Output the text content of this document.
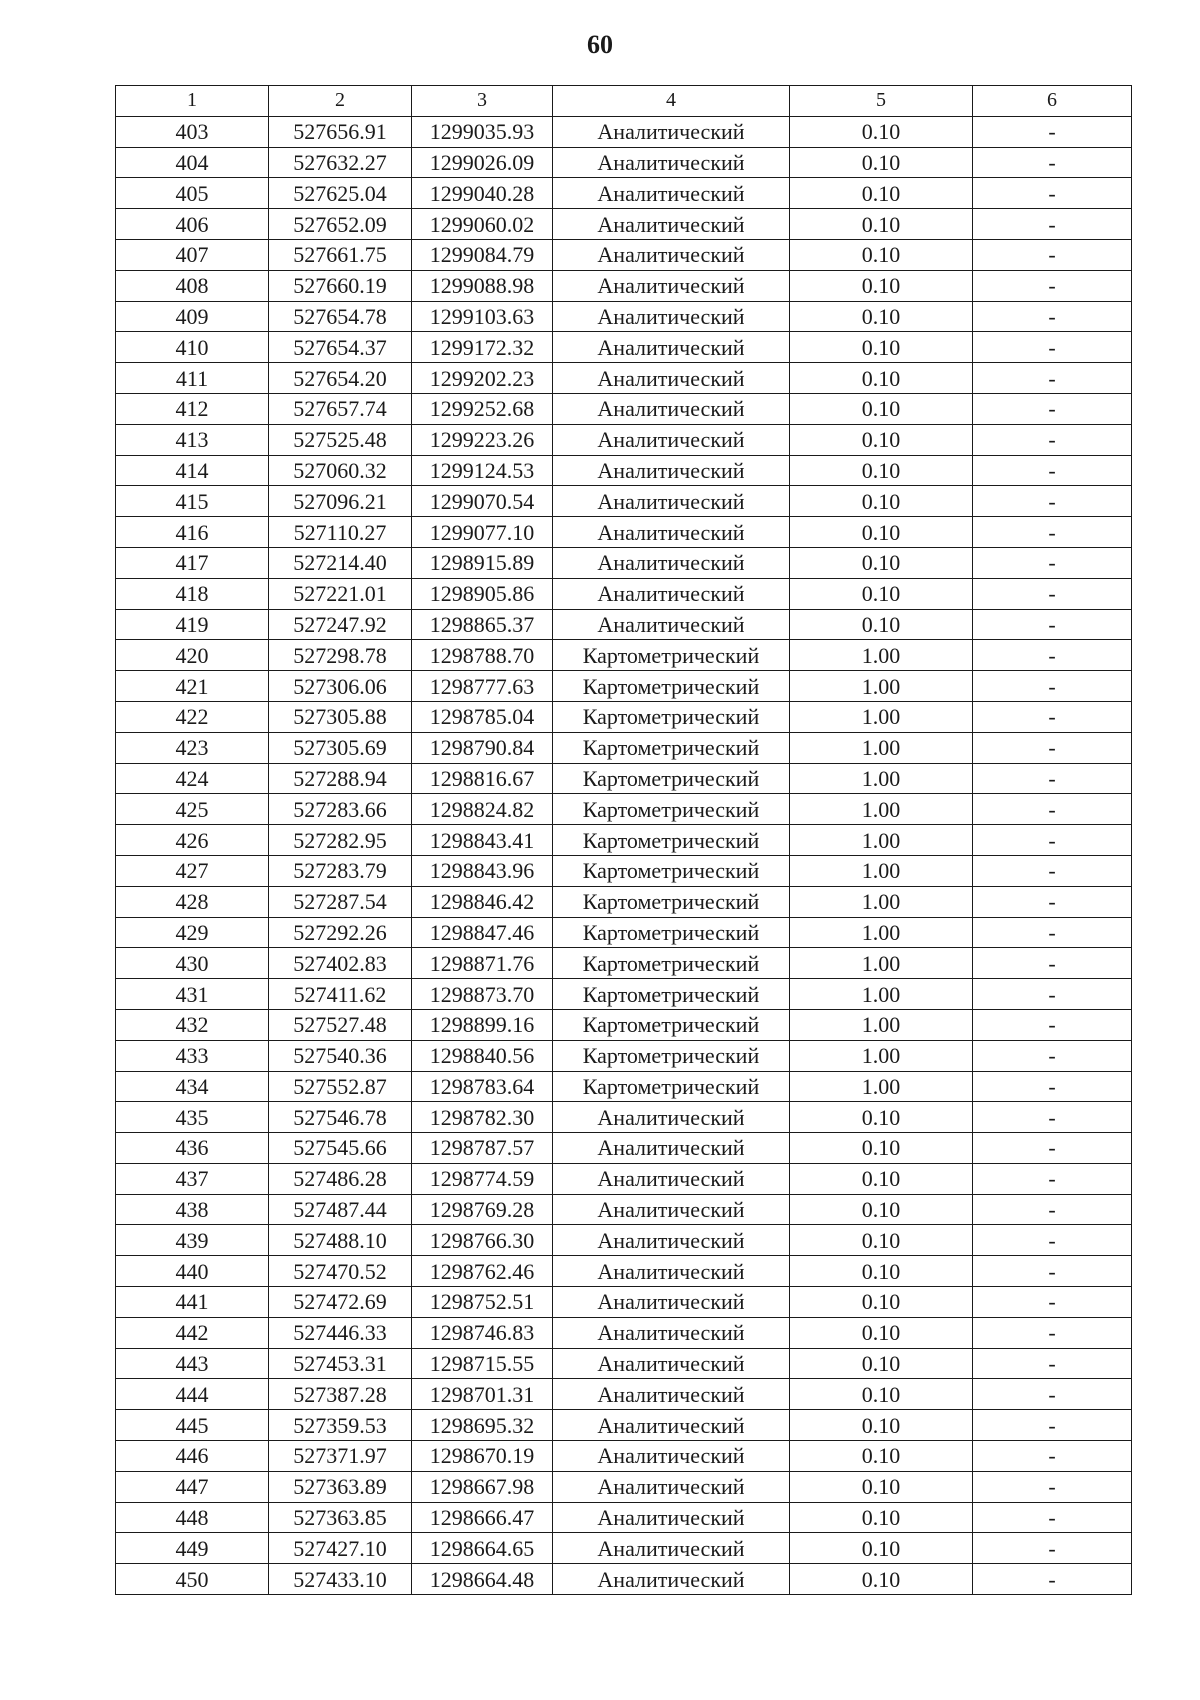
60
1	2	3	4	5	6
403	527656.91	1299035.93	Аналитический	0.10	-
404	527632.27	1299026.09	Аналитический	0.10	-
405	527625.04	1299040.28	Аналитический	0.10	-
406	527652.09	1299060.02	Аналитический	0.10	-
407	527661.75	1299084.79	Аналитический	0.10	-
408	527660.19	1299088.98	Аналитический	0.10	-
409	527654.78	1299103.63	Аналитический	0.10	-
410	527654.37	1299172.32	Аналитический	0.10	-
411	527654.20	1299202.23	Аналитический	0.10	-
412	527657.74	1299252.68	Аналитический	0.10	-
413	527525.48	1299223.26	Аналитический	0.10	-
414	527060.32	1299124.53	Аналитический	0.10	-
415	527096.21	1299070.54	Аналитический	0.10	-
416	527110.27	1299077.10	Аналитический	0.10	-
417	527214.40	1298915.89	Аналитический	0.10	-
418	527221.01	1298905.86	Аналитический	0.10	-
419	527247.92	1298865.37	Аналитический	0.10	-
420	527298.78	1298788.70	Картометрический	1.00	-
421	527306.06	1298777.63	Картометрический	1.00	-
422	527305.88	1298785.04	Картометрический	1.00	-
423	527305.69	1298790.84	Картометрический	1.00	-
424	527288.94	1298816.67	Картометрический	1.00	-
425	527283.66	1298824.82	Картометрический	1.00	-
426	527282.95	1298843.41	Картометрический	1.00	-
427	527283.79	1298843.96	Картометрический	1.00	-
428	527287.54	1298846.42	Картометрический	1.00	-
429	527292.26	1298847.46	Картометрический	1.00	-
430	527402.83	1298871.76	Картометрический	1.00	-
431	527411.62	1298873.70	Картометрический	1.00	-
432	527527.48	1298899.16	Картометрический	1.00	-
433	527540.36	1298840.56	Картометрический	1.00	-
434	527552.87	1298783.64	Картометрический	1.00	-
435	527546.78	1298782.30	Аналитический	0.10	-
436	527545.66	1298787.57	Аналитический	0.10	-
437	527486.28	1298774.59	Аналитический	0.10	-
438	527487.44	1298769.28	Аналитический	0.10	-
439	527488.10	1298766.30	Аналитический	0.10	-
440	527470.52	1298762.46	Аналитический	0.10	-
441	527472.69	1298752.51	Аналитический	0.10	-
442	527446.33	1298746.83	Аналитический	0.10	-
443	527453.31	1298715.55	Аналитический	0.10	-
444	527387.28	1298701.31	Аналитический	0.10	-
445	527359.53	1298695.32	Аналитический	0.10	-
446	527371.97	1298670.19	Аналитический	0.10	-
447	527363.89	1298667.98	Аналитический	0.10	-
448	527363.85	1298666.47	Аналитический	0.10	-
449	527427.10	1298664.65	Аналитический	0.10	-
450	527433.10	1298664.48	Аналитический	0.10	-
